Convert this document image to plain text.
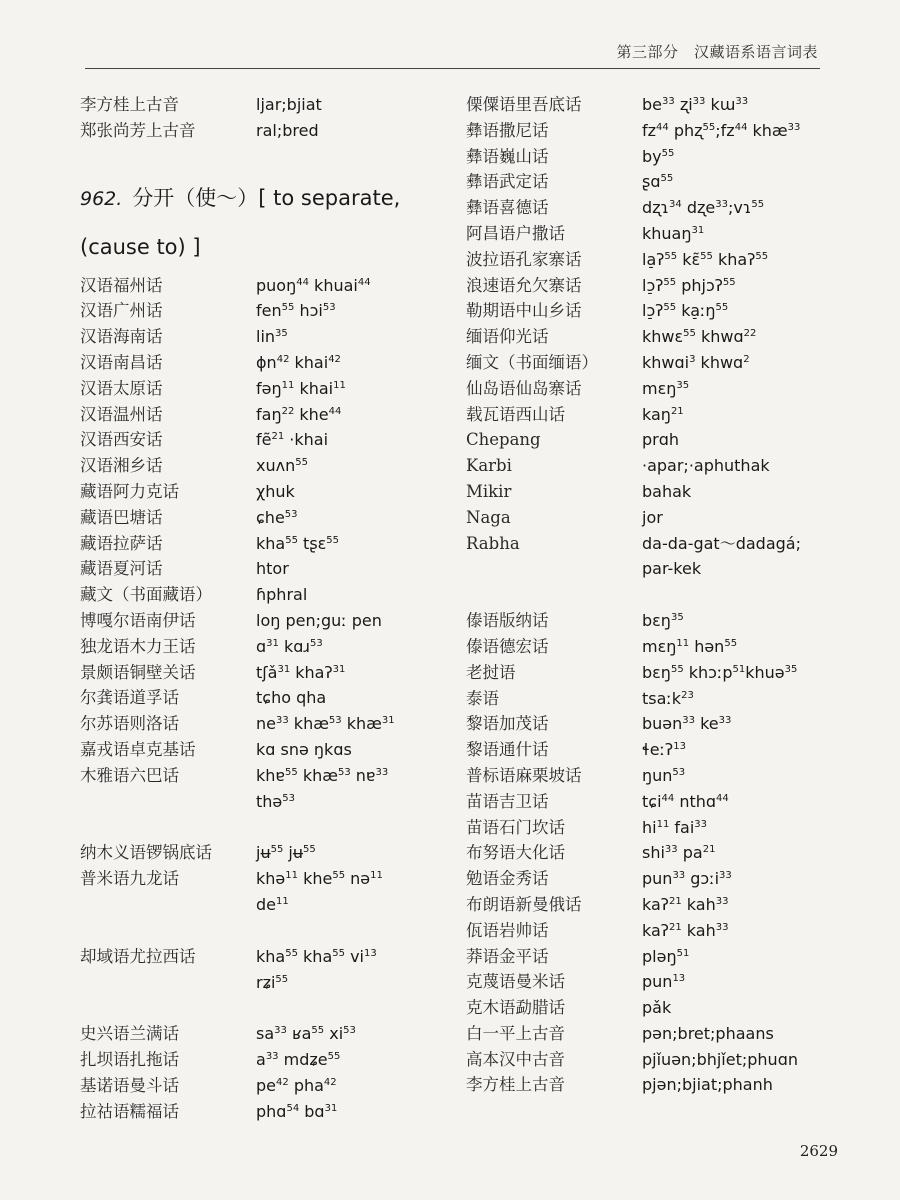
第三部分　汉藏语系语言词表
李方桂上古音	ljar;bjiat
郑张尚芳上古音	ral;bred
962. 分开（使～）[ to separate,
(cause to) ]
汉语福州话	puoŋ$^{44}$ khuai$^{44}$
汉语广州话	fen$^{55}$ hɔi$^{53}$
汉语海南话	lin$^{35}$
汉语南昌话	ɸn$^{42}$ khai$^{42}$
汉语太原话	fəŋ$^{11}$ khai$^{11}$
汉语温州话	faŋ$^{22}$ khe$^{44}$
汉语西安话	fẽ$^{21}$ ·khai
汉语湘乡话	xuʌn$^{55}$
藏语阿力克话	χhuk
藏语巴塘话	ɕhe$^{53}$
藏语拉萨话	kha$^{55}$ tʂɛ$^{55}$
藏语夏河话	htor
藏文（书面藏语）	ɦphral
博嘎尔语南伊话	loŋ pen;guː pen
独龙语木力王话	ɑ$^{31}$ kɑɹ$^{53}$
景颇语铜壁关话	tʃǎ$^{31}$ khaʔ$^{31}$
尔龚语道孚话	tɕho qha
尔苏语则洛话	$ne^{33}$ khæ$^{53}$ khæ$^{31}$
嘉戎语卓克基话	kɑ snə ŋkɑs
木雅语六巴话	khɐ$^{55}$ khæ$^{53}$ nɐ$^{33}$
thə$^{53}$
纳木义语锣锅底话	jʉ$^{55}$ jʉ$^{55}$
普米语九龙话	khə$^{11}$ khe$^{55}$ nə$^{11}$
$de^{11}$
却域语尤拉西话	kha$^{55}$ kha$^{55}$ $vi^{13}$
rʑi$^{55}$
史兴语兰满话	$sa^{33}$ ʁa$^{55}$ $xi^{53}$
扎坝语扎拖话	$a^{33}$ mdʑe$^{55}$
基诺语曼斗话	$pe^{42}$ pha$^{42}$
拉祜语糯福话	phɑ$^{54}$ bɑ$^{31}$
傈僳语里吾底话	$be^{33}$ ʐi$^{33}$ kɯ$^{33}$
彝语撒尼话	$fz^{44}$ $phʐ^{55};fz^{44}$ khæ$^{33}$
彝语巍山话	$by^{55}$
彝语武定话	ʂɑ$^{55}$
彝语喜德话	dʐɿ$^{34}$ dʐe$^{33}$;vɿ$^{55}$
阿昌语户撒话	khuaŋ$^{31}$
波拉语孔家寨话	la̠ʔ$^{55}$ kɛ̃$^{55}$ khaʔ$^{55}$
浪速语允欠寨话	lɔ̠ʔ$^{55}$ phjɔʔ$^{55}$
勒期语中山乡话	lɔ̠ʔ$^{55}$ ka̠ːŋ$^{55}$
缅语仰光话	khwɛ$^{55}$ khwɑ$^{22}$
缅文（书面缅语）	khwɑi$^3$ khwɑ$^2$
仙岛语仙岛寨话	mɛŋ$^{35}$
载瓦语西山话	kaŋ$^{21}$
Chepang	prɑh
Karbi	·apar;·aphuthak
Mikir	bahak
Naga	jor
Rabha	da-da-gat～dadagá;
par-kek
傣语版纳话	bɛŋ$^{35}$
傣语德宏话	mɛŋ$^{11}$ hən$^{55}$
老挝语	bɛŋ$^{55}$ khɔːp$^{51}$khuə$^{35}$
泰语	tsaːk$^{23}$
黎语加茂话	buən$^{33}$ $ke^{33}$
黎语通什话	ɬeːʔ$^{13}$
普标语麻栗坡话	ŋun$^{53}$
苗语吉卫话	tɕi$^{44}$ nthɑ$^{44}$
苗语石门坎话	$hi^{11}$ fai$^{33}$
布努语大化话	shi$^{33}$ $pa^{21}$
勉语金秀话	pun$^{33}$ gɔːi$^{33}$
布朗语新曼俄话	kaʔ$^{21}$ kah$^{33}$
佤语岩帅话	kaʔ$^{21}$ kah$^{33}$
莽语金平话	pləŋ$^{51}$
克蔑语曼米话	pun$^{13}$
克木语勐腊话	pǎk
白一平上古音	pən;bret;phaans
高本汉中古音	pjǐuən;bhjǐet;phuɑn
李方桂上古音	pjən;bjiat;phanh
2629
